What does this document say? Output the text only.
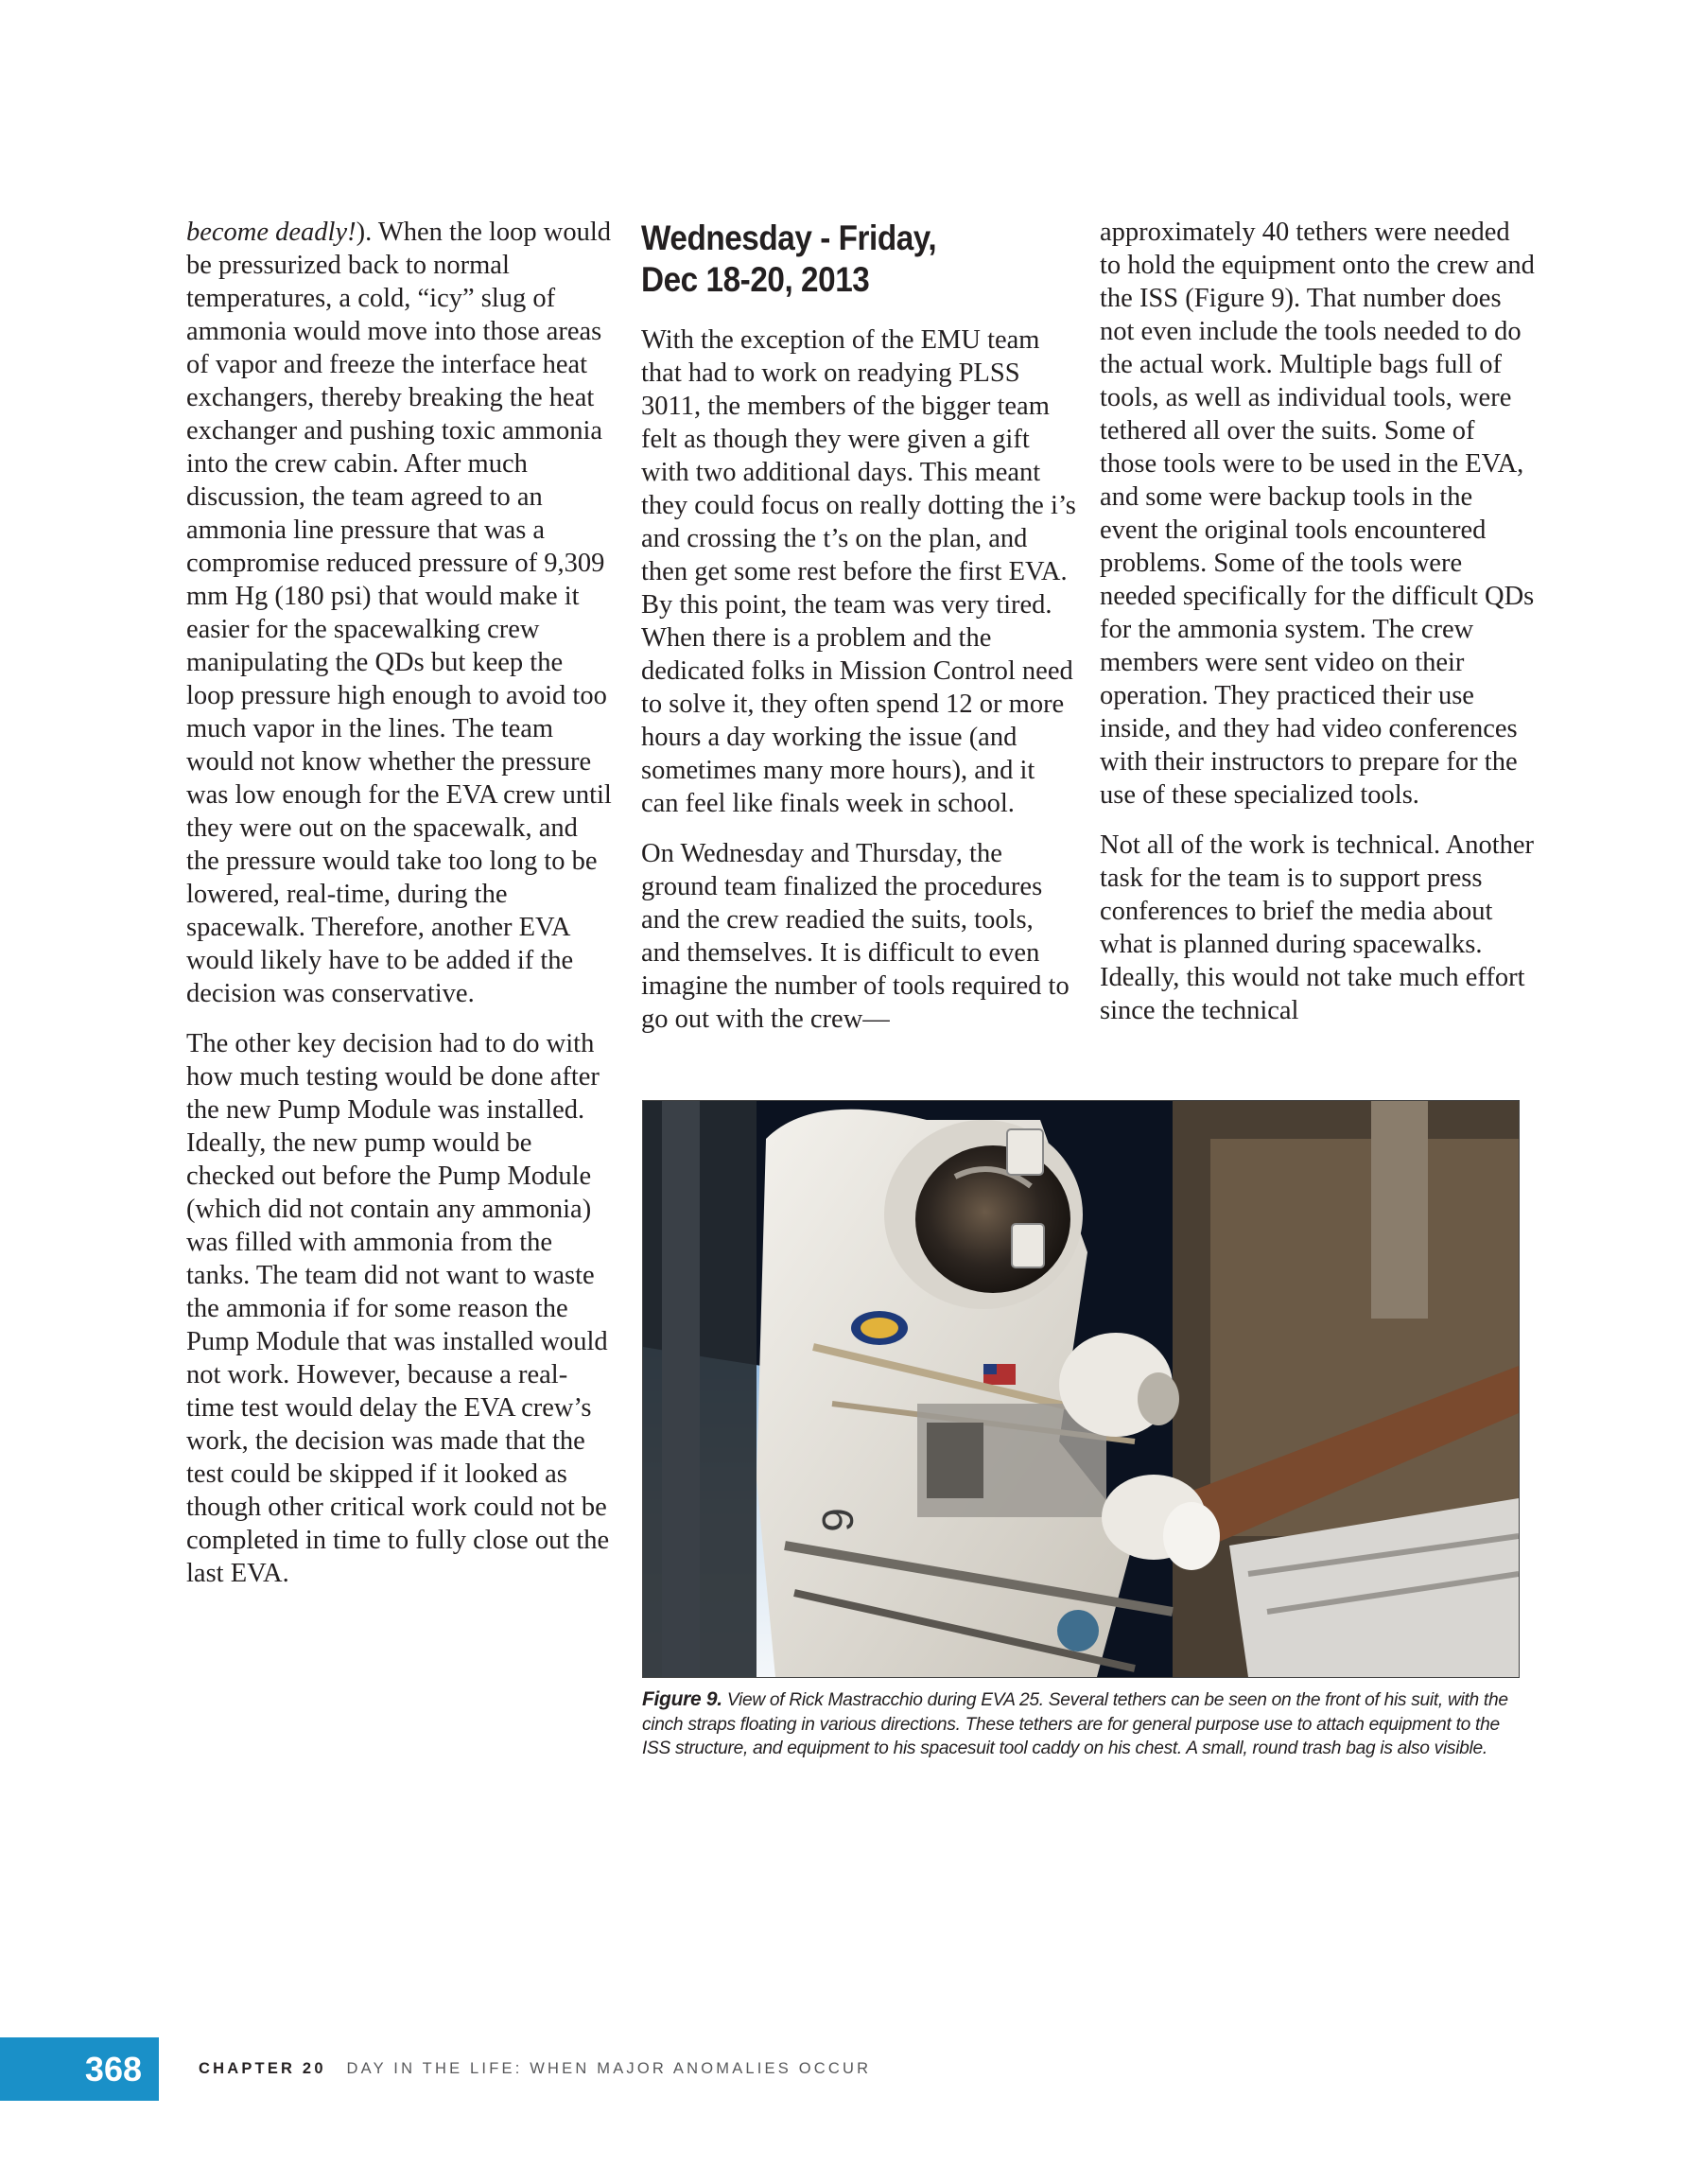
become deadly!). When the loop would be pressurized back to normal temperatures, a cold, “icy” slug of ammonia would move into those areas of vapor and freeze the interface heat exchangers, thereby breaking the heat exchanger and pushing toxic ammonia into the crew cabin. After much discussion, the team agreed to an ammonia line pressure that was a compromise reduced pressure of 9,309 mm Hg (180 psi) that would make it easier for the spacewalking crew manipulating the QDs but keep the loop pressure high enough to avoid too much vapor in the lines. The team would not know whether the pressure was low enough for the EVA crew until they were out on the spacewalk, and the pressure would take too long to be lowered, real-time, during the spacewalk. Therefore, another EVA would likely have to be added if the decision was conservative.

The other key decision had to do with how much testing would be done after the new Pump Module was installed. Ideally, the new pump would be checked out before the Pump Module (which did not contain any ammonia) was filled with ammonia from the tanks. The team did not want to waste the ammonia if for some reason the Pump Module that was installed would not work. However, because a real-time test would delay the EVA crew’s work, the decision was made that the test could be skipped if it looked as though other critical work could not be completed in time to fully close out the last EVA.

Wednesday - Friday,
Dec 18-20, 2013

With the exception of the EMU team that had to work on readying PLSS 3011, the members of the bigger team felt as though they were given a gift with two additional days. This meant they could focus on really dotting the i’s and crossing the t’s on the plan, and then get some rest before the first EVA. By this point, the team was very tired. When there is a problem and the dedicated folks in Mission Control need to solve it, they often spend 12 or more hours a day working the issue (and sometimes many more hours), and it can feel like finals week in school.

On Wednesday and Thursday, the ground team finalized the procedures and the crew readied the suits, tools, and themselves. It is difficult to even imagine the number of tools required to go out with the crew—

approximately 40 tethers were needed to hold the equipment onto the crew and the ISS (Figure 9). That number does not even include the tools needed to do the actual work. Multiple bags full of tools, as well as individual tools, were tethered all over the suits. Some of those tools were to be used in the EVA, and some were backup tools in the event the original tools encountered problems. Some of the tools were needed specifically for the difficult QDs for the ammonia system. The crew members were sent video on their operation. They practiced their use inside, and they had video conferences with their instructors to prepare for the use of these specialized tools.

Not all of the work is technical. Another task for the team is to support press conferences to brief the media about what is planned during spacewalks. Ideally, this would not take much effort since the technical

6
Figure 9. View of Rick Mastracchio during EVA 25. Several tethers can be seen on the front of his suit, with the cinch straps floating in various directions. These tethers are for general purpose use to attach equipment to the ISS structure, and equipment to his spacesuit tool caddy on his chest. A small, round trash bag is also visible.
368	CHAPTER 20 DAY IN THE LIFE: WHEN MAJOR ANOMALIES OCCUR
